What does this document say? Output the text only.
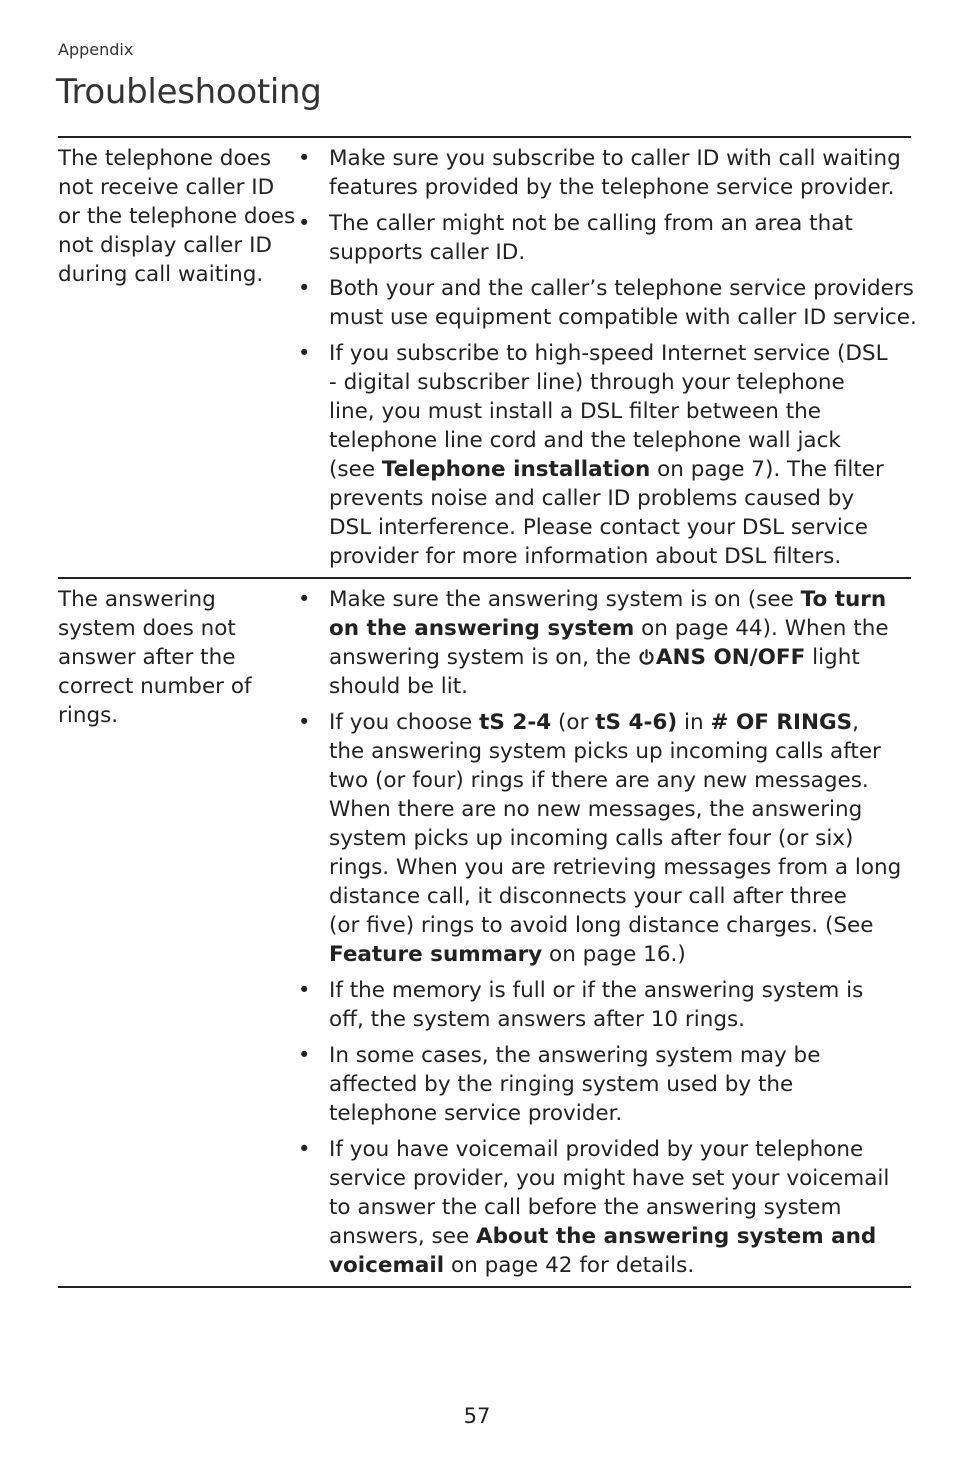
Appendix
Troubleshooting
The telephone does
not receive caller ID
or the telephone does
not display caller ID
during call waiting.
• Make sure you subscribe to caller ID with call waiting
features provided by the telephone service provider.
• The caller might not be calling from an area that
supports caller ID.
• Both your and the caller’s telephone service providers
must use equipment compatible with caller ID service.
• If you subscribe to high-speed Internet service (DSL
- digital subscriber line) through your telephone
line, you must install a DSL filter between the
telephone line cord and the telephone wall jack
(see Telephone installation on page 7). The filter
prevents noise and caller ID problems caused by
DSL interference. Please contact your DSL service
provider for more information about DSL filters.
The answering
system does not
answer after the
correct number of
rings.
• Make sure the answering system is on (see To turn
on the answering system on page 44). When the
answering system is on, the ANS ON/OFF light
should be lit.
• If you choose tS 2-4 (or tS 4-6) in # OF RINGS,
the answering system picks up incoming calls after
two (or four) rings if there are any new messages.
When there are no new messages, the answering
system picks up incoming calls after four (or six)
rings. When you are retrieving messages from a long
distance call, it disconnects your call after three
(or five) rings to avoid long distance charges. (See
Feature summary on page 16.)
• If the memory is full or if the answering system is
off, the system answers after 10 rings.
• In some cases, the answering system may be
affected by the ringing system used by the
telephone service provider.
• If you have voicemail provided by your telephone
service provider, you might have set your voicemail
to answer the call before the answering system
answers, see About the answering system and
voicemail on page 42 for details.
57
